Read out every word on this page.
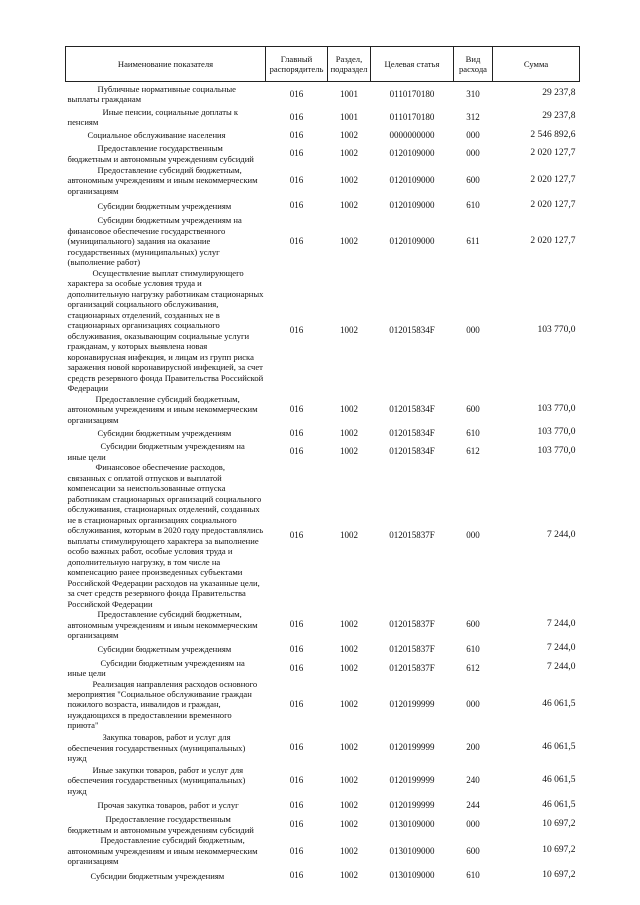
Наименование показателя	Главный распорядитель	Раздел, подраздел	Целевая статья	Вид расхода	Сумма
Публичные нормативные социальные выплаты гражданам	016	1001	0110170180	310	29 237,8
Иные пенсии, социальные доплаты к пенсиям	016	1001	0110170180	312	29 237,8
Социальное обслуживание населения	016	1002	0000000000	000	2 546 892,6
Предоставление государственным бюджетным и автономным учреждениям субсидий	016	1002	0120109000	000	2 020 127,7
Предоставление субсидий бюджетным, автономным учреждениям и иным некоммерческим организациям	016	1002	0120109000	600	2 020 127,7
Субсидии бюджетным учреждениям	016	1002	0120109000	610	2 020 127,7
Субсидии бюджетным учреждениям на финансовое обеспечение государственного (муниципального) задания на оказание государственных (муниципальных) услуг (выполнение работ)	016	1002	0120109000	611	2 020 127,7
Осуществление выплат стимулирующего характера за особые условия труда и дополнительную нагрузку работникам стационарных организаций социального обслуживания, стационарных отделений, созданных не в стационарных организациях социального обслуживания, оказывающим социальные услуги гражданам, у которых выявлена новая коронавирусная инфекция, и лицам из групп риска заражения новой коронавирусной инфекцией, за счет средств резервного фонда Правительства Российской Федерации	016	1002	012015834F	000	103 770,0
Предоставление субсидий бюджетным, автономным учреждениям и иным некоммерческим организациям	016	1002	012015834F	600	103 770,0
Субсидии бюджетным учреждениям	016	1002	012015834F	610	103 770,0
Субсидии бюджетным учреждениям на иные цели	016	1002	012015834F	612	103 770,0
Финансовое обеспечение расходов, связанных с оплатой отпусков и выплатой компенсации за неиспользованные отпуска работникам стационарных организаций социального обслуживания, стационарных отделений, созданных не в стационарных организациях социального обслуживания, которым в 2020 году предоставлялись выплаты стимулирующего характера за выполнение особо важных работ, особые условия труда и дополнительную нагрузку, в том числе на компенсацию ранее произведенных субъектами Российской Федерации расходов на указанные цели, за счет средств резервного фонда Правительства Российской Федерации	016	1002	012015837F	000	7 244,0
Предоставление субсидий бюджетным, автономным учреждениям и иным некоммерческим организациям	016	1002	012015837F	600	7 244,0
Субсидии бюджетным учреждениям	016	1002	012015837F	610	7 244,0
Субсидии бюджетным учреждениям на иные цели	016	1002	012015837F	612	7 244,0
Реализация направления расходов основного мероприятия "Социальное обслуживание граждан пожилого возраста, инвалидов и граждан, нуждающихся в предоставлении временного приюта"	016	1002	0120199999	000	46 061,5
Закупка товаров, работ и услуг для обеспечения государственных (муниципальных) нужд	016	1002	0120199999	200	46 061,5
Иные закупки товаров, работ и услуг для обеспечения государственных (муниципальных) нужд	016	1002	0120199999	240	46 061,5
Прочая закупка товаров, работ и услуг	016	1002	0120199999	244	46 061,5
Предоставление государственным бюджетным и автономным учреждениям субсидий	016	1002	0130109000	000	10 697,2
Предоставление субсидий бюджетным, автономным учреждениям и иным некоммерческим организациям	016	1002	0130109000	600	10 697,2
Субсидии бюджетным учреждениям	016	1002	0130109000	610	10 697,2
